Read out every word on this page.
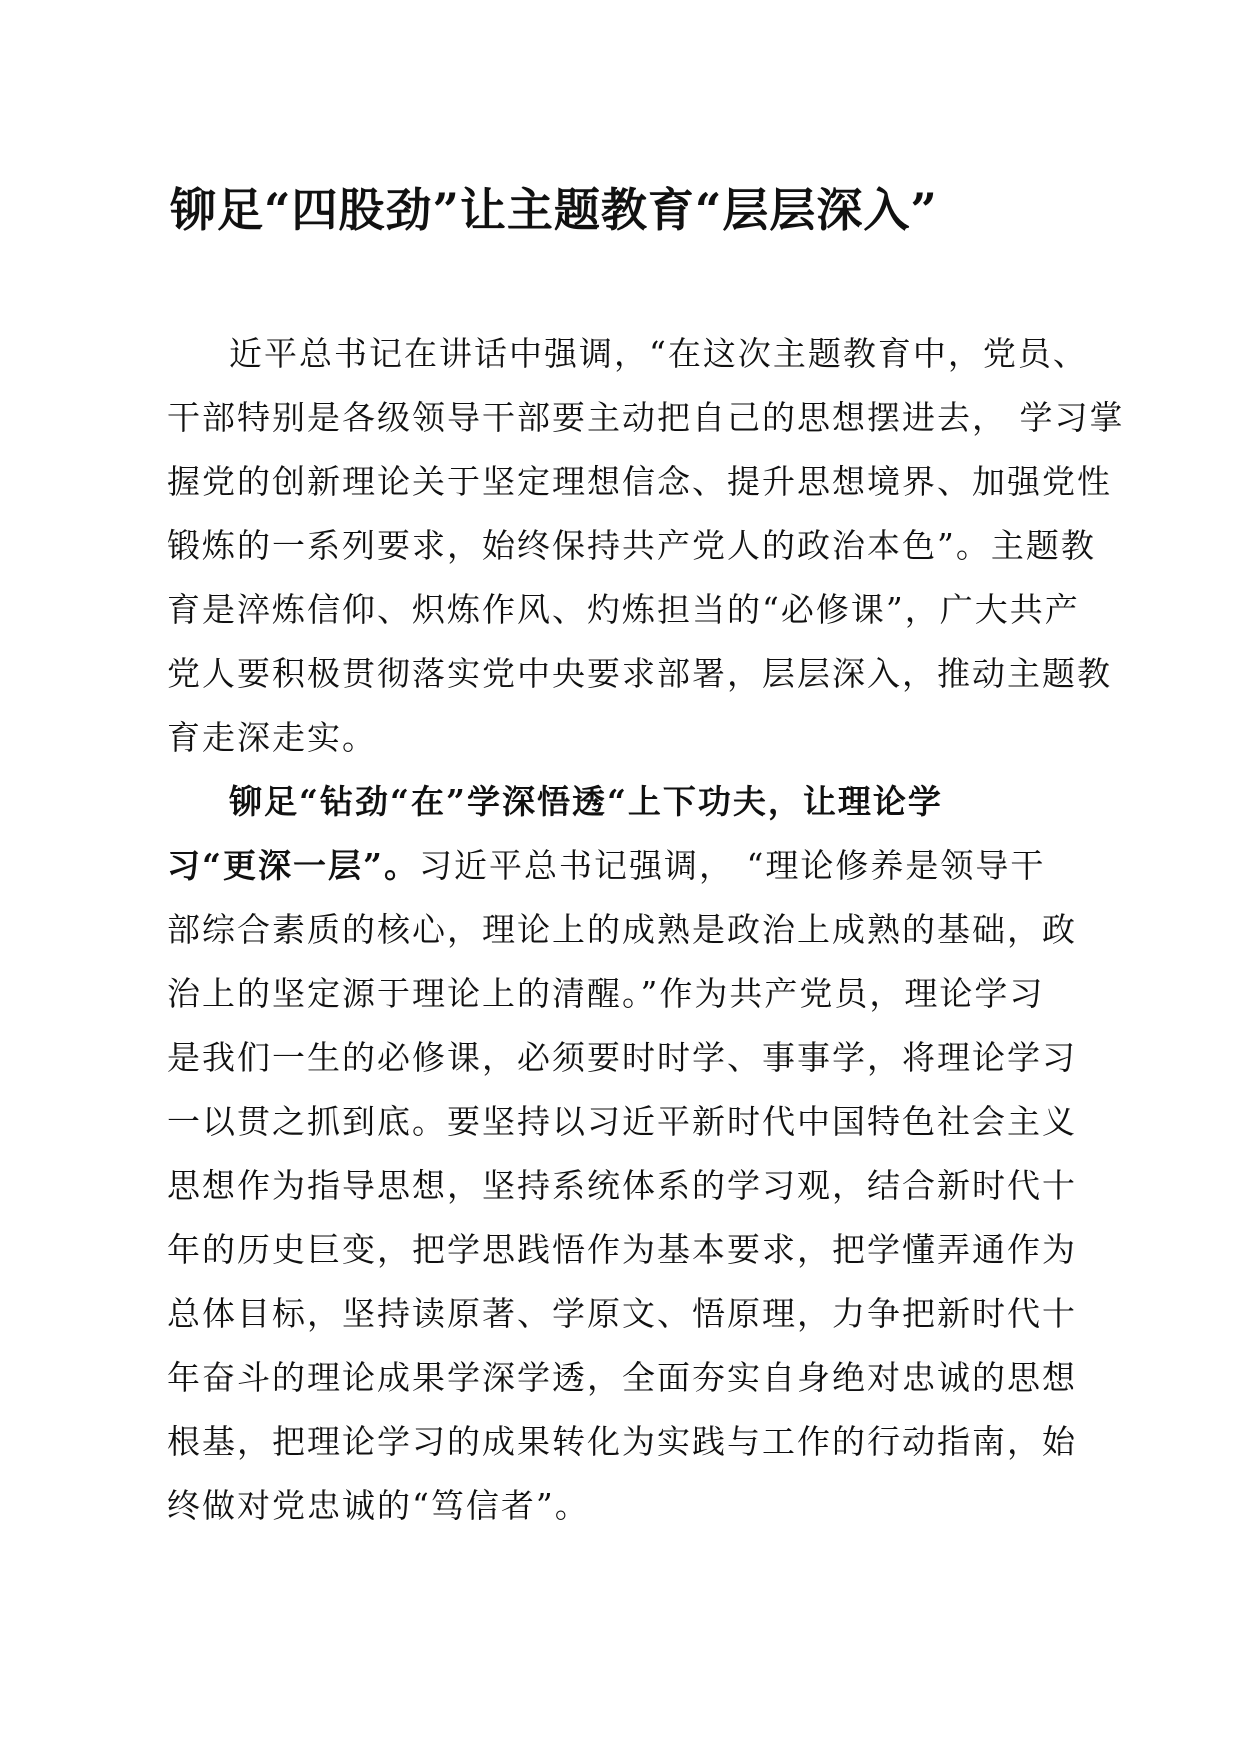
铆足“四股劲”让主题教育“层层深入”
近平总书记在讲话中强调，“在这次主题教育中，党员、
干部特别是各级领导干部要主动把自己的思想摆进去， 学习掌
握党的创新理论关于坚定理想信念、提升思想境界、加强党性
锻炼的一系列要求，始终保持共产党人的政治本色”。主题教
育是淬炼信仰、炽炼作风、灼炼担当的“必修课”，广大共产
党人要积极贯彻落实党中央要求部署，层层深入，推动主题教
育走深走实。
铆足“钻劲“在”学深悟透“上下功夫，让理论学
习“更深一层”。习近平总书记强调， “理论修养是领导干
部综合素质的核心，理论上的成熟是政治上成熟的基础，政
治上的坚定源于理论上的清醒。”作为共产党员，理论学习
是我们一生的必修课，必须要时时学、事事学，将理论学习
一以贯之抓到底。要坚持以习近平新时代中国特色社会主义
思想作为指导思想，坚持系统体系的学习观，结合新时代十
年的历史巨变，把学思践悟作为基本要求，把学懂弄通作为
总体目标，坚持读原著、学原文、悟原理，力争把新时代十
年奋斗的理论成果学深学透，全面夯实自身绝对忠诚的思想
根基，把理论学习的成果转化为实践与工作的行动指南，始
终做对党忠诚的“笃信者”。
